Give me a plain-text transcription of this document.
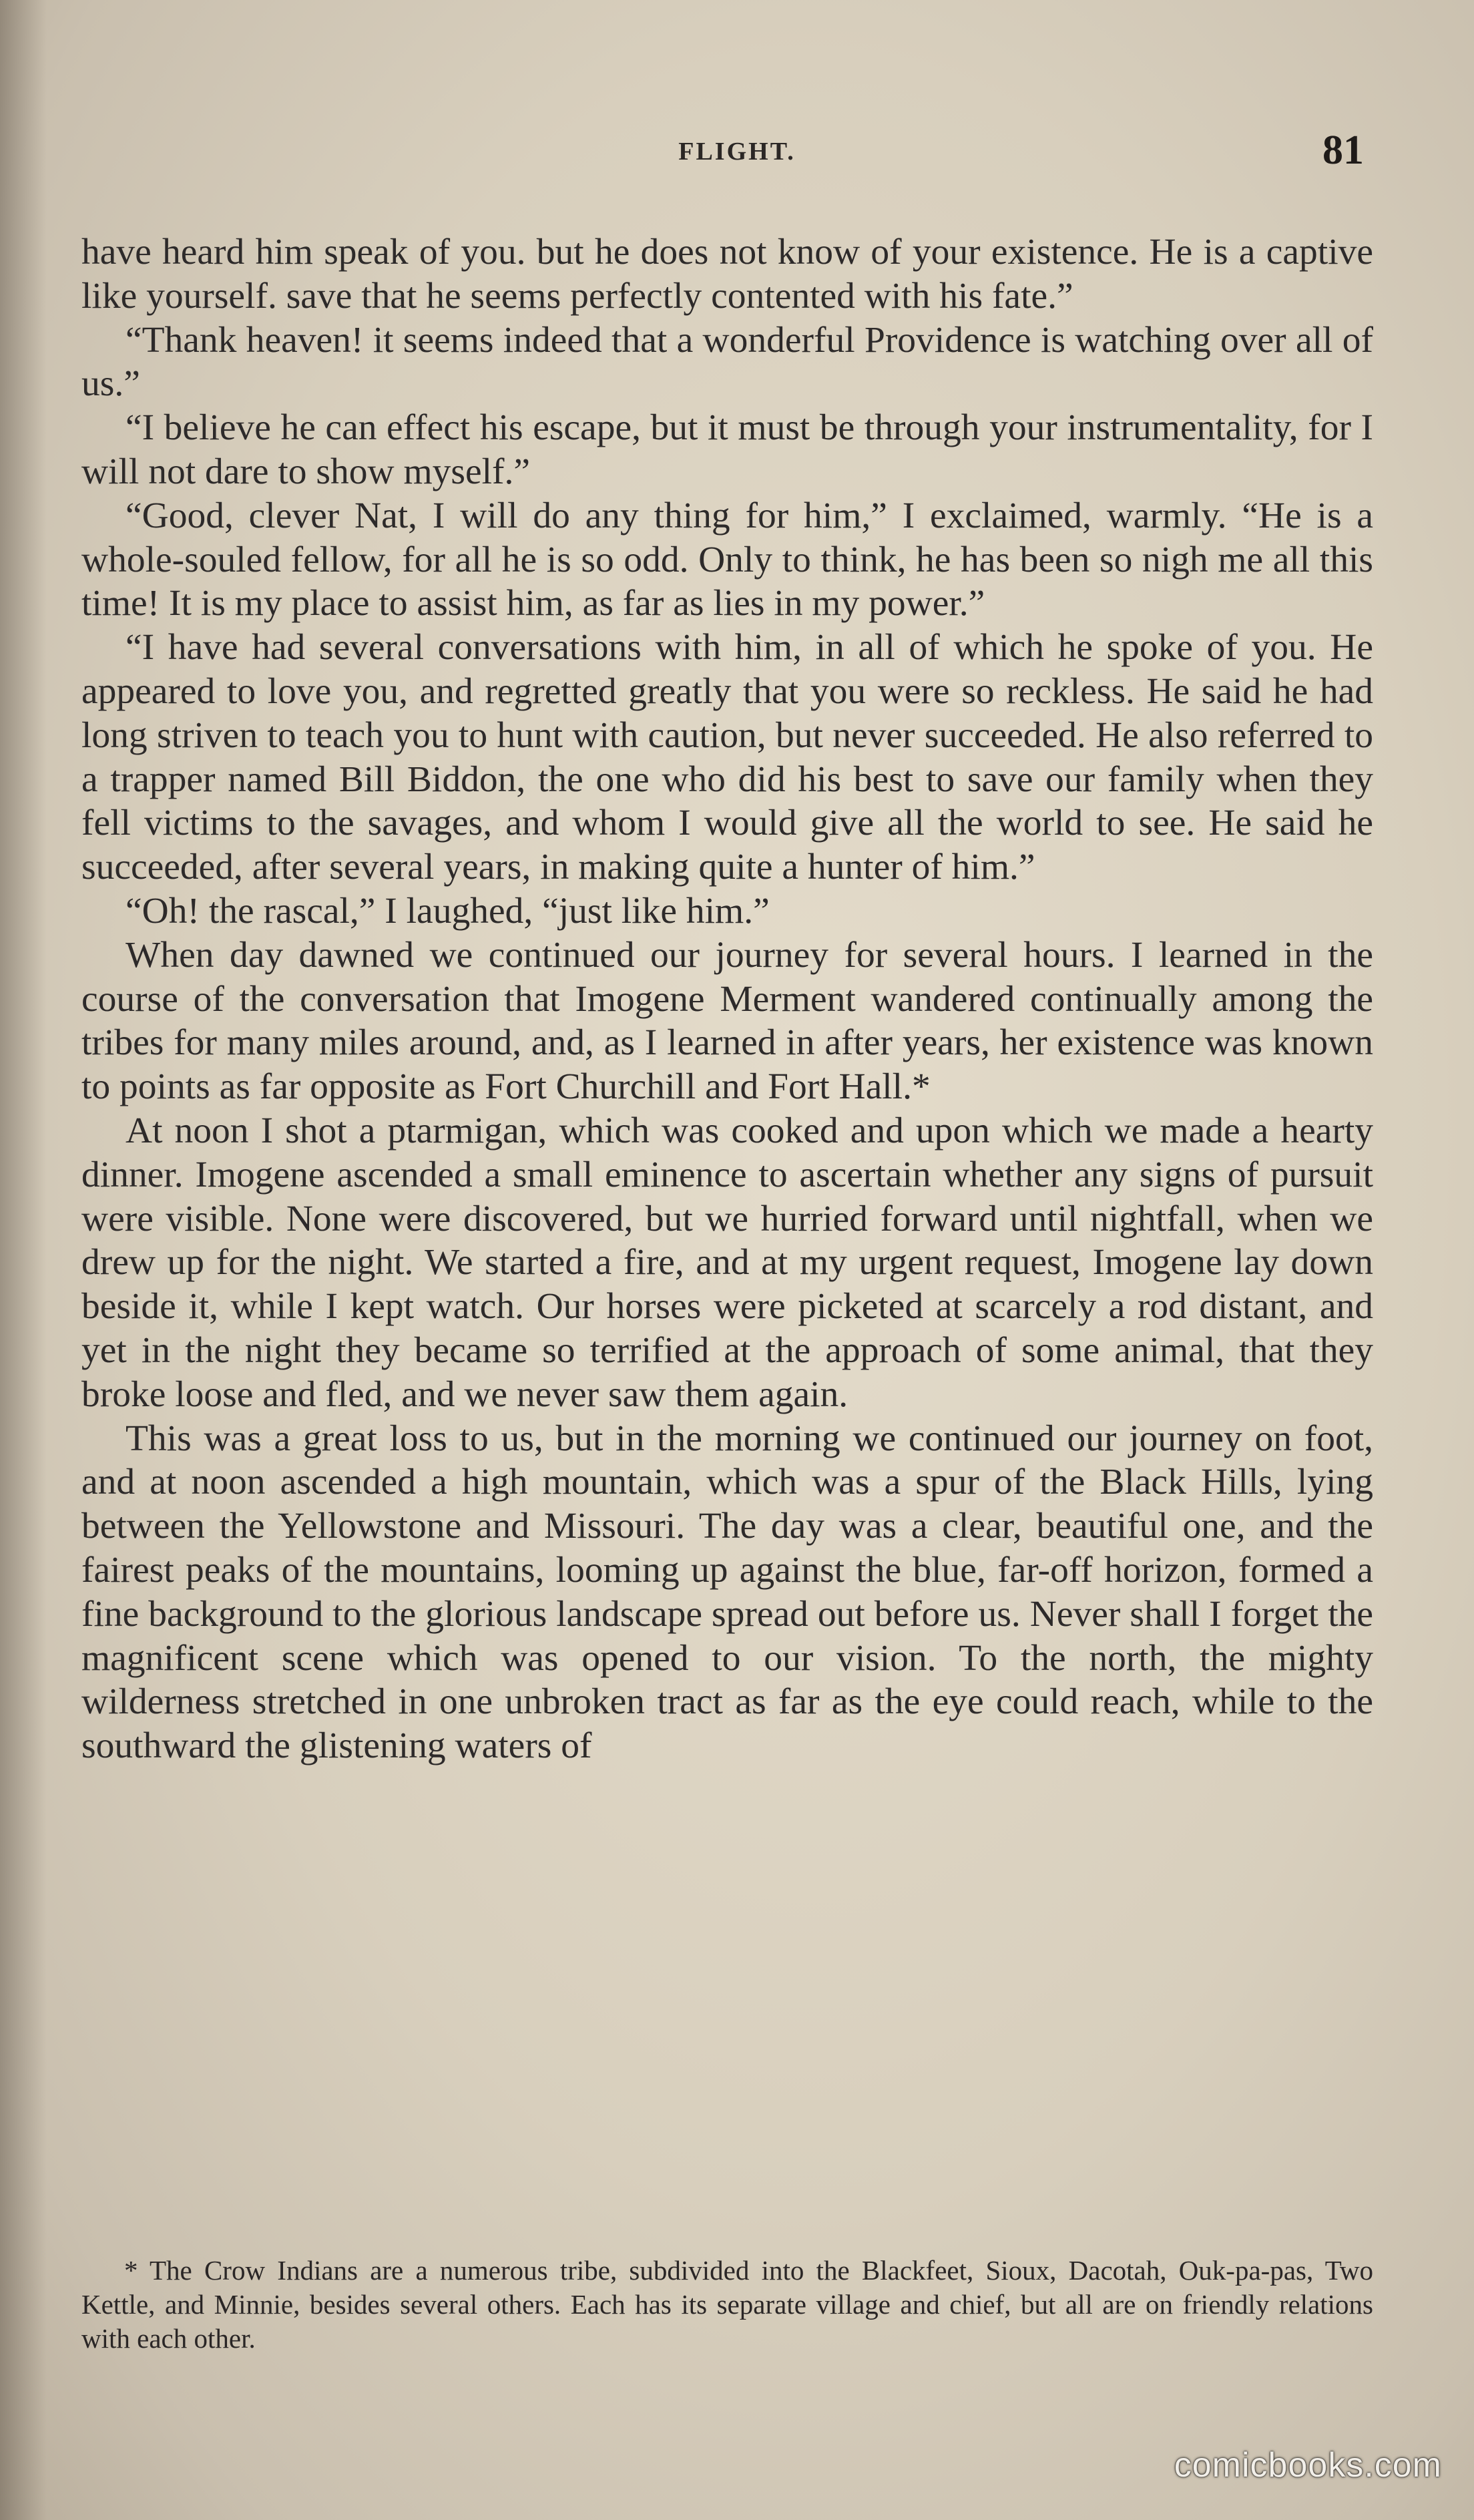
FLIGHT.	81

have heard him speak of you. but he does not know of your existence. He is a captive like yourself. save that he seems perfectly contented with his fate.”

“Thank heaven! it seems indeed that a wonderful Providence is watching over all of us.”

“I believe he can effect his escape, but it must be through your instrumentality, for I will not dare to show myself.”

“Good, clever Nat, I will do any thing for him,” I exclaimed, warmly. “He is a whole-souled fellow, for all he is so odd. Only to think, he has been so nigh me all this time! It is my place to assist him, as far as lies in my power.”

“I have had several conversations with him, in all of which he spoke of you. He appeared to love you, and regretted greatly that you were so reckless. He said he had long striven to teach you to hunt with caution, but never succeeded. He also referred to a trapper named Bill Biddon, the one who did his best to save our family when they fell victims to the savages, and whom I would give all the world to see. He said he succeeded, after several years, in making quite a hunter of him.”

“Oh! the rascal,” I laughed, “just like him.”

When day dawned we continued our journey for several hours. I learned in the course of the conversation that Imogene Merment wandered continually among the tribes for many miles around, and, as I learned in after years, her existence was known to points as far opposite as Fort Churchill and Fort Hall.*

At noon I shot a ptarmigan, which was cooked and upon which we made a hearty dinner. Imogene ascended a small eminence to ascertain whether any signs of pursuit were visible. None were discovered, but we hurried forward until nightfall, when we drew up for the night. We started a fire, and at my urgent request, Imogene lay down beside it, while I kept watch. Our horses were picketed at scarcely a rod distant, and yet in the night they became so terrified at the approach of some animal, that they broke loose and fled, and we never saw them again.

This was a great loss to us, but in the morning we continued our journey on foot, and at noon ascended a high mountain, which was a spur of the Black Hills, lying between the Yellowstone and Missouri. The day was a clear, beautiful one, and the fairest peaks of the mountains, looming up against the blue, far-off horizon, formed a fine background to the glorious landscape spread out before us. Never shall I forget the magnificent scene which was opened to our vision. To the north, the mighty wilderness stretched in one unbroken tract as far as the eye could reach, while to the southward the glistening waters of

* The Crow Indians are a numerous tribe, subdivided into the Blackfeet, Sioux, Dacotah, Ouk-pa-pas, Two Kettle, and Minnie, besides several others. Each has its separate village and chief, but all are on friendly relations with each other.

comicbooks.com
